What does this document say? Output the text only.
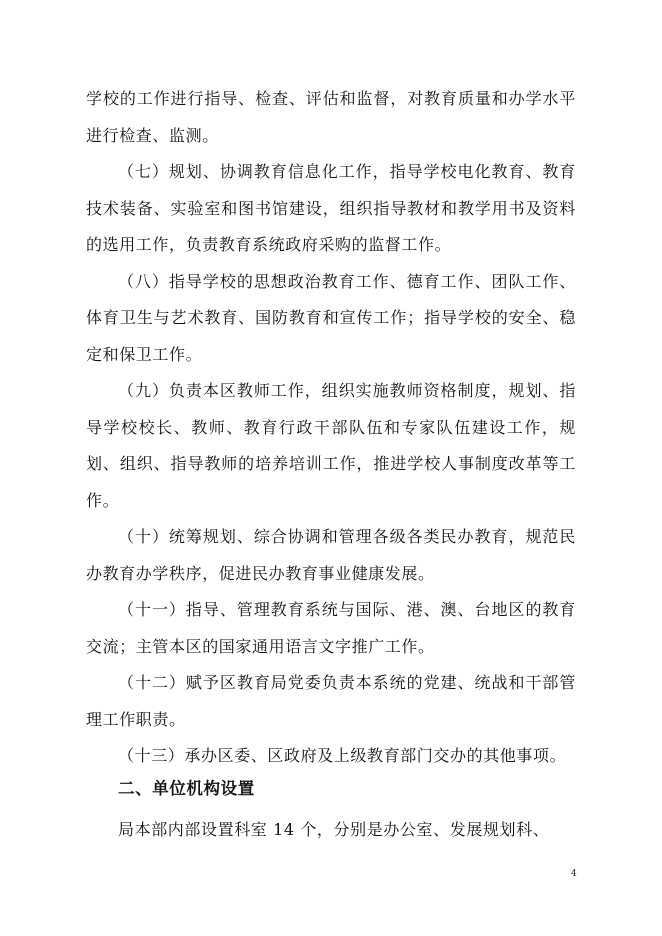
学校的工作进行指导、检查、评估和监督，对教育质量和办学水平进行检查、监测。

（七）规划、协调教育信息化工作，指导学校电化教育、教育技术装备、实验室和图书馆建设，组织指导教材和教学用书及资料的选用工作，负责教育系统政府采购的监督工作。

（八）指导学校的思想政治教育工作、德育工作、团队工作、体育卫生与艺术教育、国防教育和宣传工作；指导学校的安全、稳定和保卫工作。

（九）负责本区教师工作，组织实施教师资格制度，规划、指导学校校长、教师、教育行政干部队伍和专家队伍建设工作，规划、组织、指导教师的培养培训工作，推进学校人事制度改革等工作。

（十）统筹规划、综合协调和管理各级各类民办教育，规范民办教育办学秩序，促进民办教育事业健康发展。

（十一）指导、管理教育系统与国际、港、澳、台地区的教育交流；主管本区的国家通用语言文字推广工作。

（十二）赋予区教育局党委负责本系统的党建、统战和干部管理工作职责。

（十三）承办区委、区政府及上级教育部门交办的其他事项。

二、单位机构设置

局本部内部设置科室 14 个，分别是办公室、发展规划科、

4
